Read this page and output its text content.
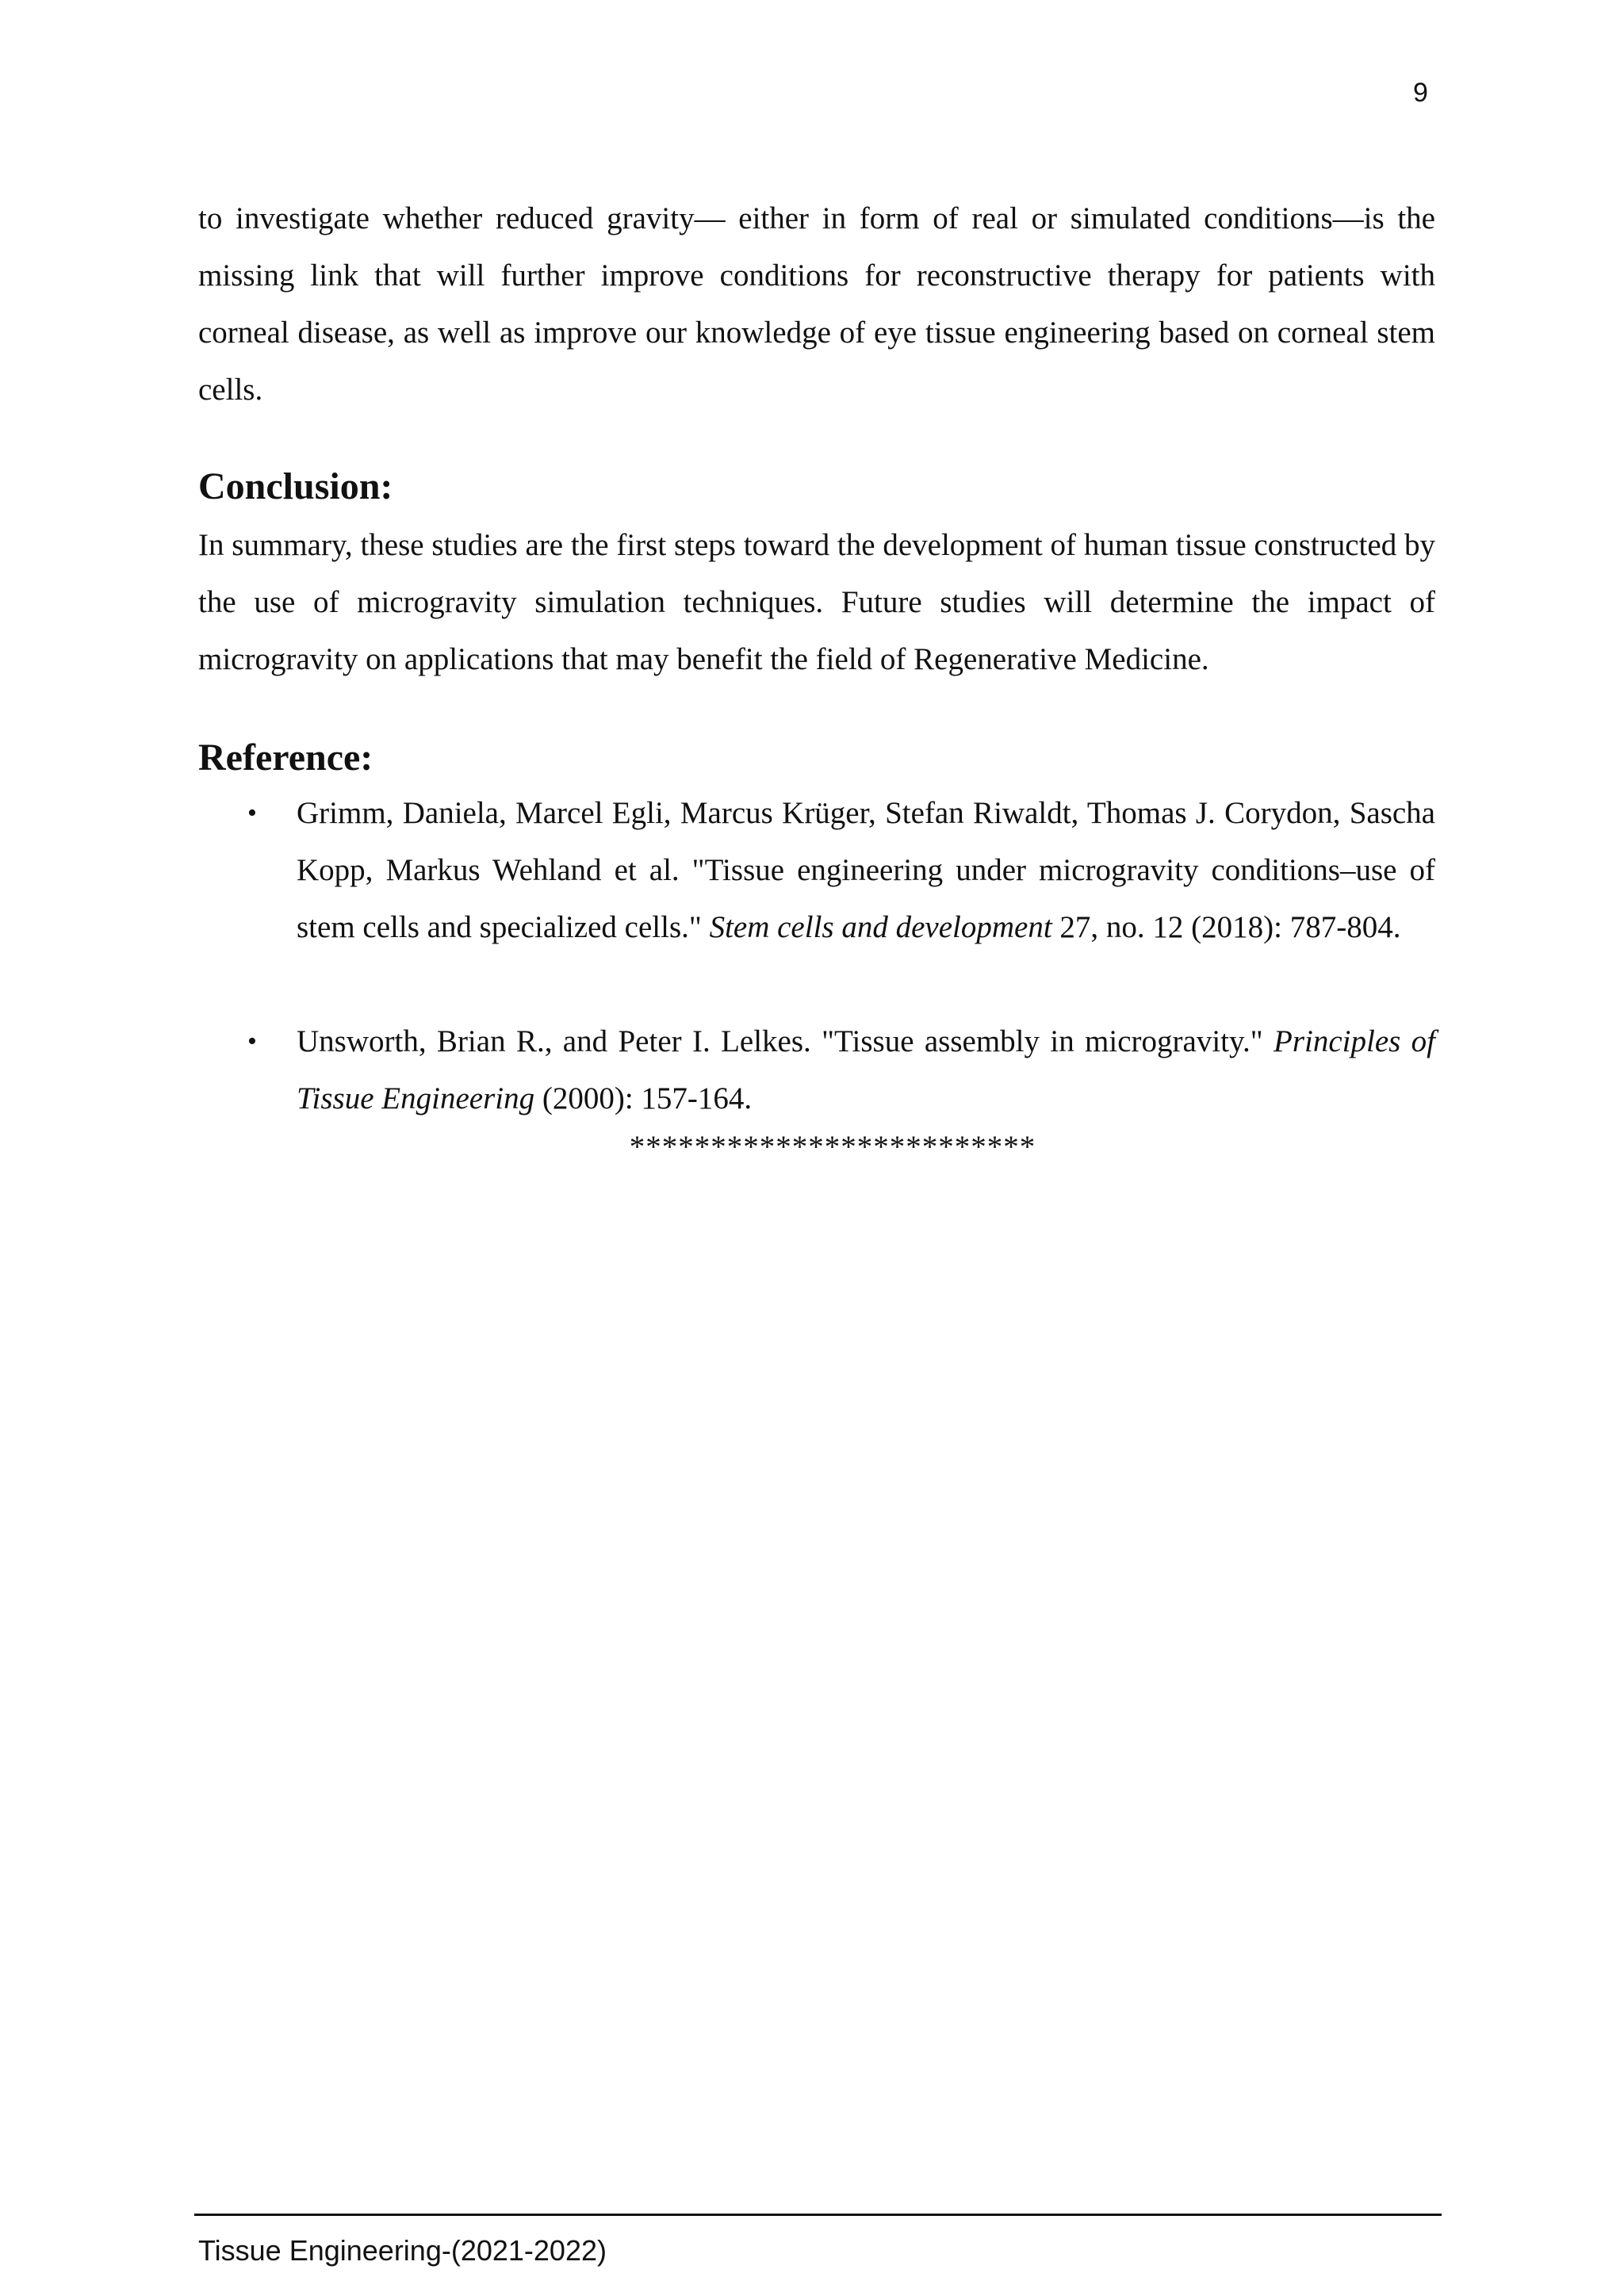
9

to investigate whether reduced gravity— either in form of real or simulated conditions—is the missing link that will further improve conditions for reconstructive therapy for patients with corneal disease, as well as improve our knowledge of eye tissue engineering based on corneal stem cells.

Conclusion:

In summary, these studies are the first steps toward the development of human tissue constructed by the use of microgravity simulation techniques. Future studies will determine the impact of microgravity on applications that may benefit the field of Regenerative Medicine.

Reference:
• Grimm, Daniela, Marcel Egli, Marcus Krüger, Stefan Riwaldt, Thomas J. Corydon, Sascha Kopp, Markus Wehland et al. "Tissue engineering under microgravity conditions–use of stem cells and specialized cells." Stem cells and development 27, no. 12 (2018): 787-804.
• Unsworth, Brian R., and Peter I. Lelkes. "Tissue assembly in microgravity." Principles of Tissue Engineering (2000): 157-164.
*************************
Tissue Engineering-(2021-2022)
